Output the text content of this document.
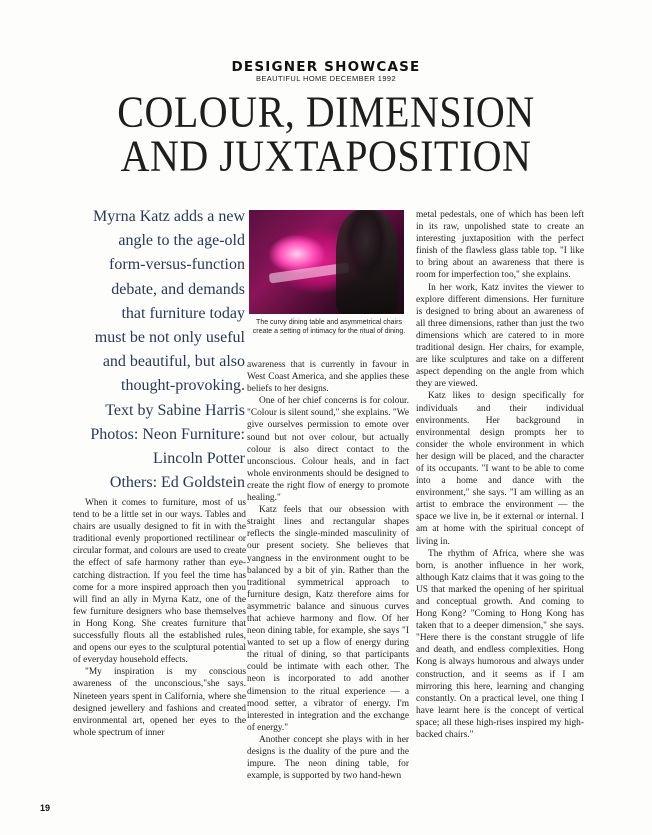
DESIGNER SHOWCASE
BEAUTIFUL HOME DECEMBER 1992
COLOUR, DIMENSION
AND JUXTAPOSITION
Myrna Katz adds a new
angle to the age-old
form-versus-function
debate, and demands
that furniture today
must be not only useful
and beautiful, but also
thought-provoking.
Text by Sabine Harris
Photos: Neon Furniture:
Lincoln Potter
Others: Ed Goldstein
The curvy dining table and asymmetrical chairs create a setting of intimacy for the ritual of dining.

When it comes to furniture, most of us tend to be a little set in our ways. Tables and chairs are usually designed to fit in with the traditional evenly proportioned rectilinear or circular format, and colours are used to create the effect of safe harmony rather than eye-catching distraction. If you feel the time has come for a more inspired approach then you will find an ally in Myrna Katz, one of the few furniture designers who base themselves in Hong Kong. She creates furniture that successfully flouts all the established rules, and opens our eyes to the sculptural potential of everyday household effects.

"My inspiration is my conscious awareness of the unconscious,"she says. Nineteen years spent in California, where she designed jewellery and fashions and created environmental art, opened her eyes to the whole spectrum of inner

awareness that is currently in favour in West Coast America, and she applies these beliefs to her designs.

One of her chief concerns is for colour. "Colour is silent sound," she explains. "We give ourselves permission to emote over sound but not over colour, but actually colour is also direct contact to the unconscious. Colour heals, and in fact whole environments should be designed to create the right flow of energy to promote healing."

Katz feels that our obsession with straight lines and rectangular shapes reflects the single-minded masculinity of our present society. She believes that yangness in the environment ought to be balanced by a bit of yin. Rather than the traditional symmetrical approach to furniture design, Katz therefore aims for asymmetric balance and sinuous curves that achieve harmony and flow. Of her neon dining table, for example, she says "I wanted to set up a flow of energy during the ritual of dining, so that participants could be intimate with each other. The neon is incorporated to add another dimension to the ritual experience — a mood setter, a vibrator of energy. I'm interested in integration and the exchange of energy."

Another concept she plays with in her designs is the duality of the pure and the impure. The neon dining table, for example, is supported by two hand-hewn

metal pedestals, one of which has been left in its raw, unpolished state to create an interesting juxtaposition with the perfect finish of the flawless glass table top. "I like to bring about an awareness that there is room for imperfection too," she explains.

In her work, Katz invites the viewer to explore different dimensions. Her furniture is designed to bring about an awareness of all three dimensions, rather than just the two dimensions which are catered to in more traditional design. Her chairs, for example, are like sculptures and take on a different aspect depending on the angle from which they are viewed.

Katz likes to design specifically for individuals and their individual environments. Her background in environmental design prompts her to consider the whole environment in which her design will be placed, and the character of its occupants. "I want to be able to come into a home and dance with the environment," she says. "I am willing as an artist to embrace the environment — the space we live in, be it external or internal. I am at home with the spiritual concept of living in.

The rhythm of Africa, where she was born, is another influence in her work, although Katz claims that it was going to the US that marked the opening of her spiritual and conceptual growth. And coming to Hong Kong? "Coming to Hong Kong has taken that to a deeper dimension," she says. "Here there is the constant struggle of life and death, and endless complexities. Hong Kong is always humorous and always under construction, and it seems as if I am mirroring this here, learning and changing constantly. On a practical level, one thing I have learnt here is the concept of vertical space; all these high-rises inspired my high-backed chairs."

19
